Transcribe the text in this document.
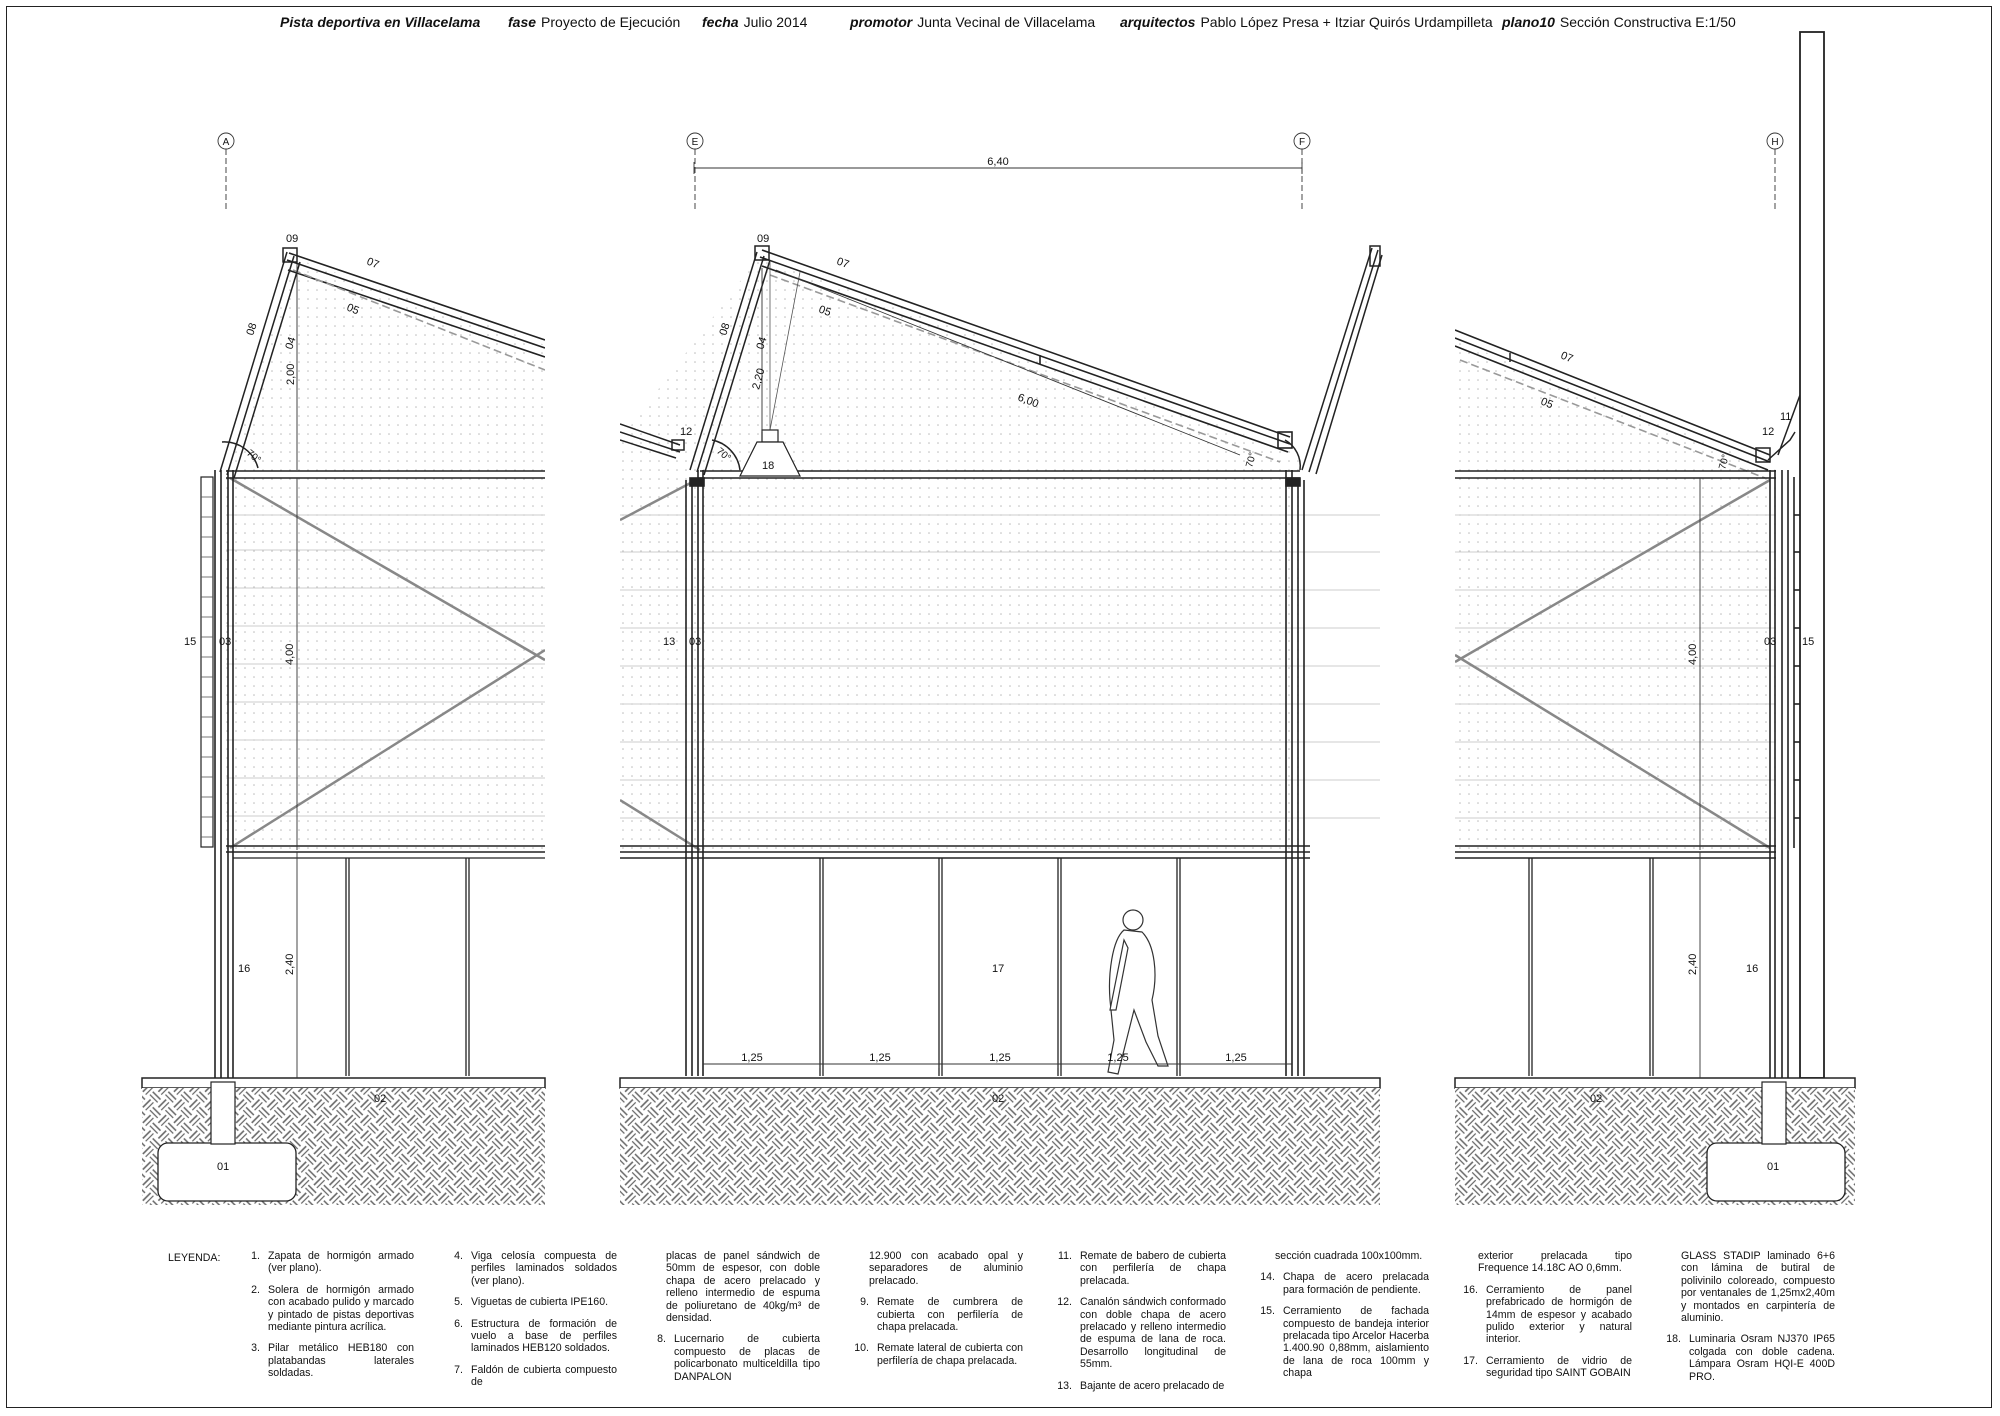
Pista deportiva en Villacelama	fase Proyecto de Ejecución fecha Julio 2014	promotor Junta Vecinal de Villacelama arquitectos Pablo López Presa + Itziar Quirós Urdampilleta plano10 Sección Constructiva E:1/50
A	E	F	H
6,40
2,00
4,00
2,40
2,20
6,00
4,00
2,40
1,25	1,25	1,25	1,25	1,25
70°	70°	70°	70°
09
07
05
08
04
15 03
16
02
01
09
07
05
08
04
12
18
13 03
17
02
07
05
11
12
03 15
16
02
01
LEYENDA:	1. Zapata de hormigón armado (ver plano).
2. Solera de hormigón armado con acabado pulido y marcado y pintado de pistas deportivas mediante pintura acrílica.
3. Pilar metálico HEB180 con platabandas laterales soldadas.
4. Viga celosía compuesta de perfiles laminados soldados (ver plano).
5. Viguetas de cubierta IPE160.
6. Estructura de formación de vuelo a base de perfiles laminados HEB120 soldados.
7. Faldón de cubierta compuesto de
placas de panel sándwich de 50mm de espesor, con doble chapa de acero prelacado y relleno intermedio de espuma de poliuretano de 40kg/m³ de densidad.
8. Lucernario de cubierta compuesto de placas de policarbonato multiceldilla tipo DANPALON
12.900 con acabado opal y separadores de aluminio prelacado.
9. Remate de cumbrera de cubierta con perfilería de chapa prelacada.
10. Remate lateral de cubierta con perfilería de chapa prelacada.
11. Remate de babero de cubierta con perfilería de chapa prelacada.
12. Canalón sándwich conformado con doble chapa de acero prelacado y relleno intermedio de espuma de lana de roca. Desarrollo longitudinal de 55mm.
13. Bajante de acero prelacado de
sección cuadrada 100x100mm.
14. Chapa de acero prelacada para formación de pendiente.
15. Cerramiento de fachada compuesto de bandeja interior prelacada tipo Arcelor Hacerba 1.400.90 0,88mm, aislamiento de lana de roca 100mm y chapa
exterior prelacada tipo Frequence 14.18C AO 0,6mm.
16. Cerramiento de panel prefabricado de hormigón de 14mm de espesor y acabado pulido exterior y natural interior.
17. Cerramiento de vidrio de seguridad tipo SAINT GOBAIN
GLASS STADIP laminado 6+6 con lámina de butiral de polivinilo coloreado, compuesto por ventanales de 1,25mx2,40m y montados en carpintería de aluminio.
18. Luminaria Osram NJ370 IP65 colgada con doble cadena. Lámpara Osram HQI-E 400D PRO.
